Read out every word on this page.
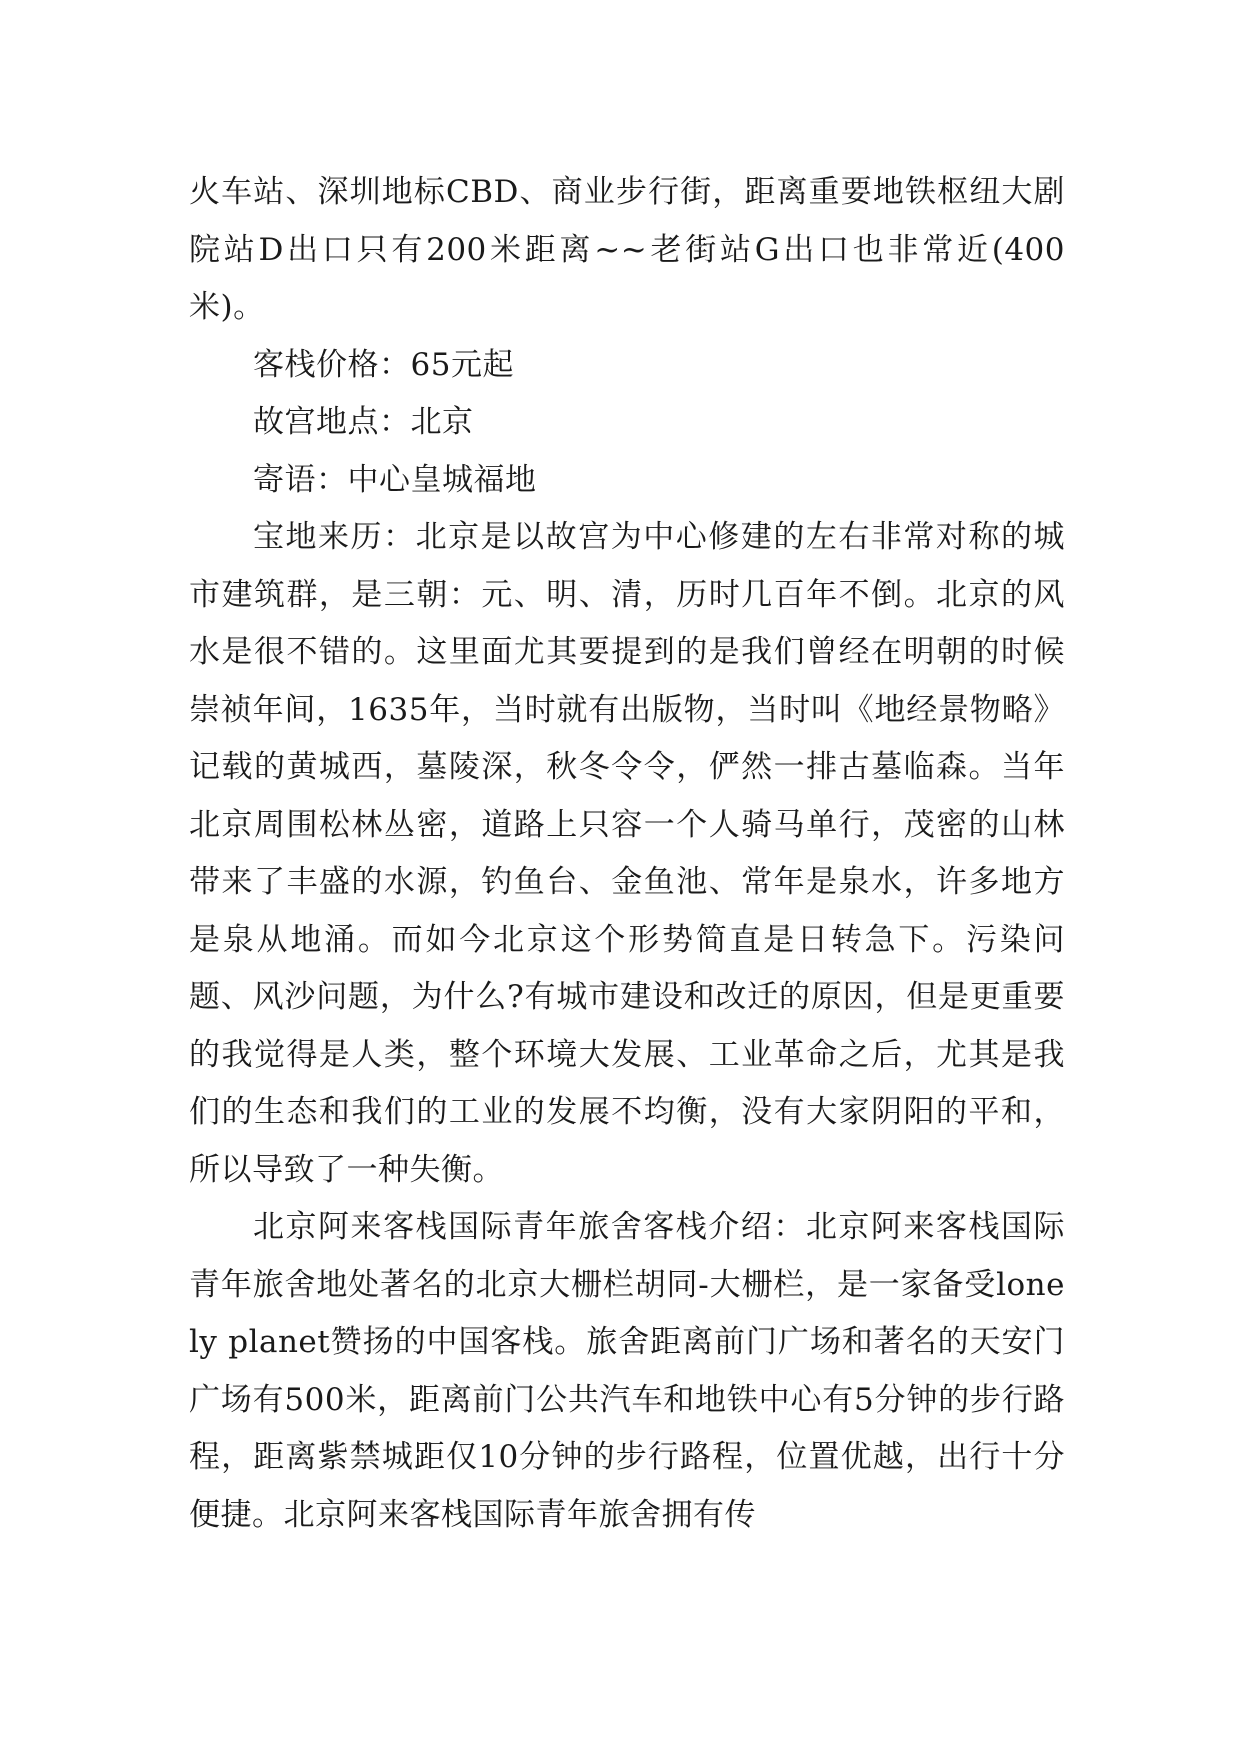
火车站、深圳地标CBD、商业步行街，距离重要地铁枢纽大剧院站D出口只有200米距离~~老街站G出口也非常近(400米)。

客栈价格：65元起

故宫地点：北京

寄语：中心皇城福地

宝地来历：北京是以故宫为中心修建的左右非常对称的城市建筑群，是三朝：元、明、清，历时几百年不倒。北京的风水是很不错的。这里面尤其要提到的是我们曾经在明朝的时候崇祯年间，1635年，当时就有出版物，当时叫《地经景物略》记载的黄城西，墓陵深，秋冬令令，俨然一排古墓临森。当年北京周围松林丛密，道路上只容一个人骑马单行，茂密的山林带来了丰盛的水源，钓鱼台、金鱼池、常年是泉水，许多地方是泉从地涌。而如今北京这个形势简直是日转急下。污染问题、风沙问题，为什么?有城市建设和改迁的原因，但是更重要的我觉得是人类，整个环境大发展、工业革命之后，尤其是我们的生态和我们的工业的发展不均衡，没有大家阴阳的平和，所以导致了一种失衡。

北京阿来客栈国际青年旅舍客栈介绍：北京阿来客栈国际青年旅舍地处著名的北京大栅栏胡同-大栅栏，是一家备受lonely planet赞扬的中国客栈。旅舍距离前门广场和著名的天安门广场有500米，距离前门公共汽车和地铁中心有5分钟的步行路程，距离紫禁城距仅10分钟的步行路程，位置优越，出行十分便捷。北京阿来客栈国际青年旅舍拥有传
